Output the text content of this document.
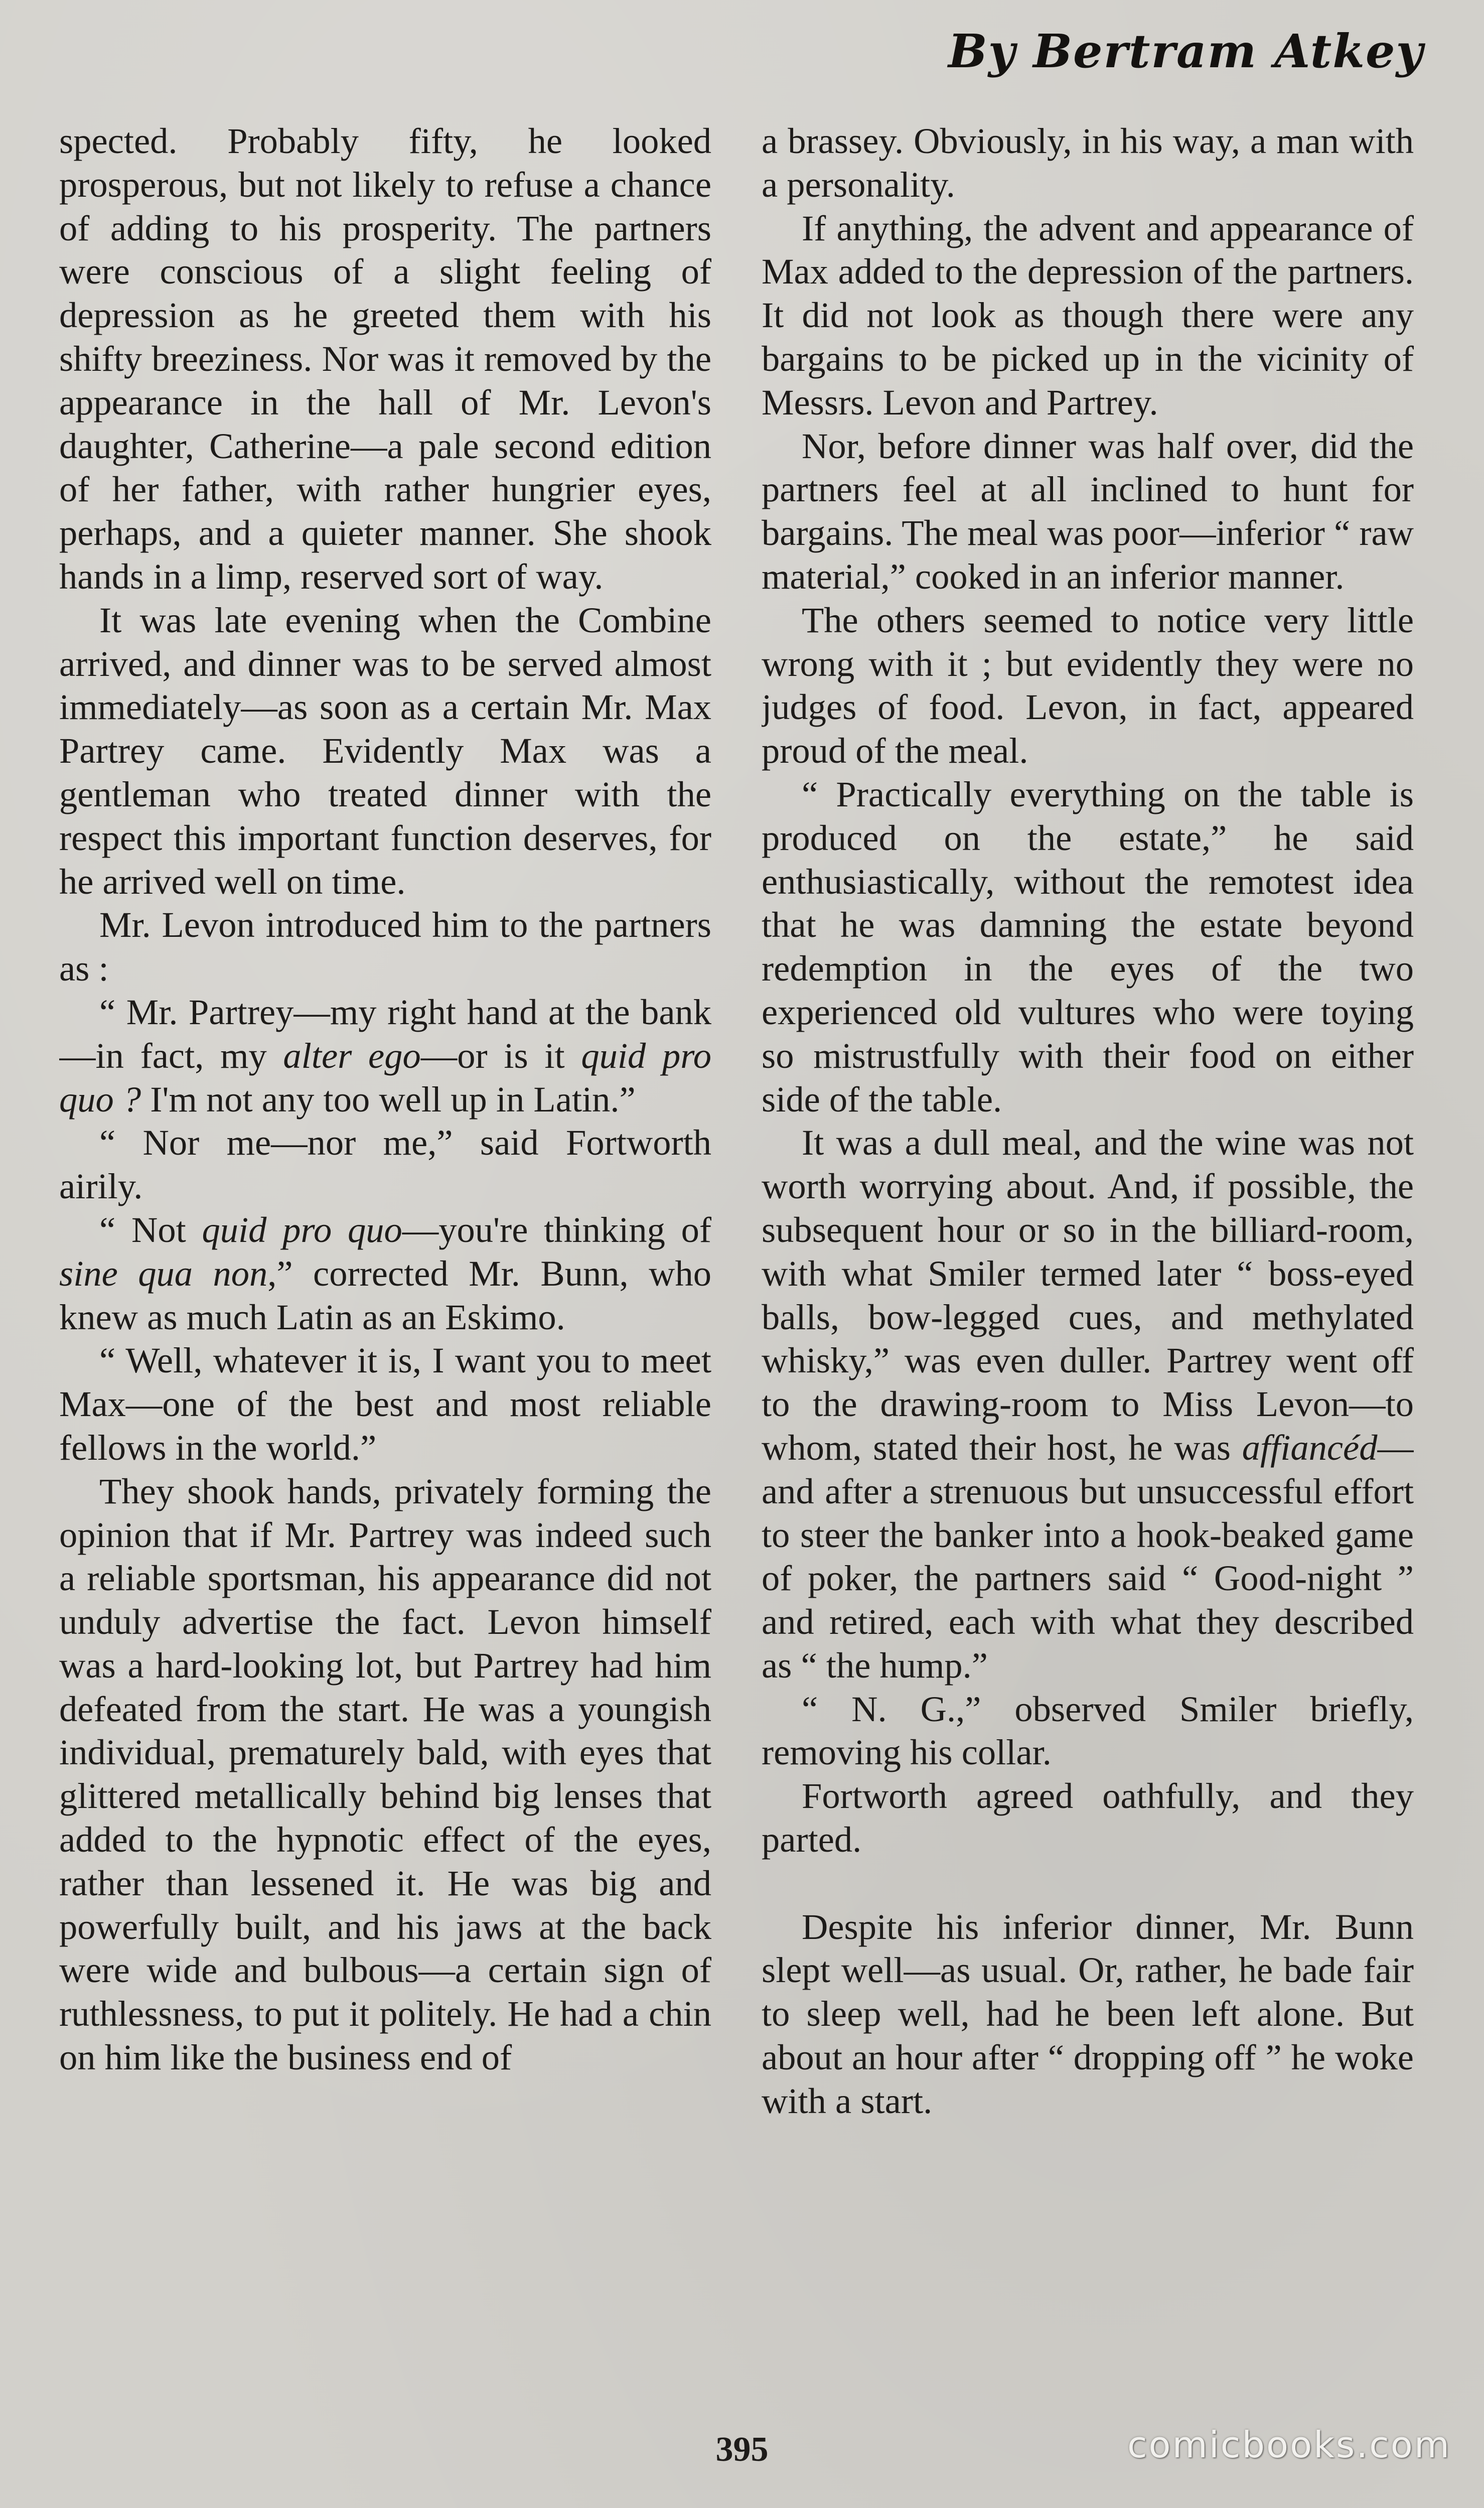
By Bertram Atkey

spected. Probably fifty, he looked prosperous, but not likely to refuse a chance of adding to his prosperity. The partners were conscious of a slight feeling of depression as he greeted them with his shifty breeziness. Nor was it removed by the appearance in the hall of Mr. Levon's daughter, Catherine—a pale second edition of her father, with rather hungrier eyes, perhaps, and a quieter manner. She shook hands in a limp, reserved sort of way.

It was late evening when the Combine arrived, and dinner was to be served almost immediately—as soon as a certain Mr. Max Partrey came. Evidently Max was a gentleman who treated dinner with the respect this important function deserves, for he arrived well on time.

Mr. Levon introduced him to the partners as :

“ Mr. Partrey—my right hand at the bank—in fact, my alter ego—or is it quid pro quo ? I'm not any too well up in Latin.”

“ Nor me—nor me,” said Fortworth airily.

“ Not quid pro quo—you're thinking of sine qua non,” corrected Mr. Bunn, who knew as much Latin as an Eskimo.

“ Well, whatever it is, I want you to meet Max—one of the best and most reliable fellows in the world.”

They shook hands, privately forming the opinion that if Mr. Partrey was indeed such a reliable sportsman, his appearance did not unduly advertise the fact. Levon himself was a hard-looking lot, but Partrey had him defeated from the start. He was a youngish individual, prematurely bald, with eyes that glittered metallically behind big lenses that added to the hypnotic effect of the eyes, rather than lessened it. He was big and powerfully built, and his jaws at the back were wide and bulbous—a certain sign of ruthlessness, to put it politely. He had a chin on him like the business end of

a brassey. Obviously, in his way, a man with a personality.

If anything, the advent and appearance of Max added to the depression of the partners. It did not look as though there were any bargains to be picked up in the vicinity of Messrs. Levon and Partrey.

Nor, before dinner was half over, did the partners feel at all inclined to hunt for bargains. The meal was poor—inferior “ raw material,” cooked in an inferior manner.

The others seemed to notice very little wrong with it ; but evidently they were no judges of food. Levon, in fact, appeared proud of the meal.

“ Practically everything on the table is produced on the estate,” he said enthusiastically, without the remotest idea that he was damning the estate beyond redemption in the eyes of the two experienced old vultures who were toying so mistrustfully with their food on either side of the table.

It was a dull meal, and the wine was not worth worrying about. And, if possible, the subsequent hour or so in the billiard-room, with what Smiler termed later “ boss-eyed balls, bow-legged cues, and methylated whisky,” was even duller. Partrey went off to the drawing-room to Miss Levon—to whom, stated their host, he was affiancéd—and after a strenuous but unsuccessful effort to steer the banker into a hook-beaked game of poker, the partners said “ Good-night ” and retired, each with what they described as “ the hump.”

“ N. G.,” observed Smiler briefly, removing his collar.

Fortworth agreed oathfully, and they parted.

Despite his inferior dinner, Mr. Bunn slept well—as usual. Or, rather, he bade fair to sleep well, had he been left alone. But about an hour after “ dropping off ” he woke with a start.

395	comicbooks.com
